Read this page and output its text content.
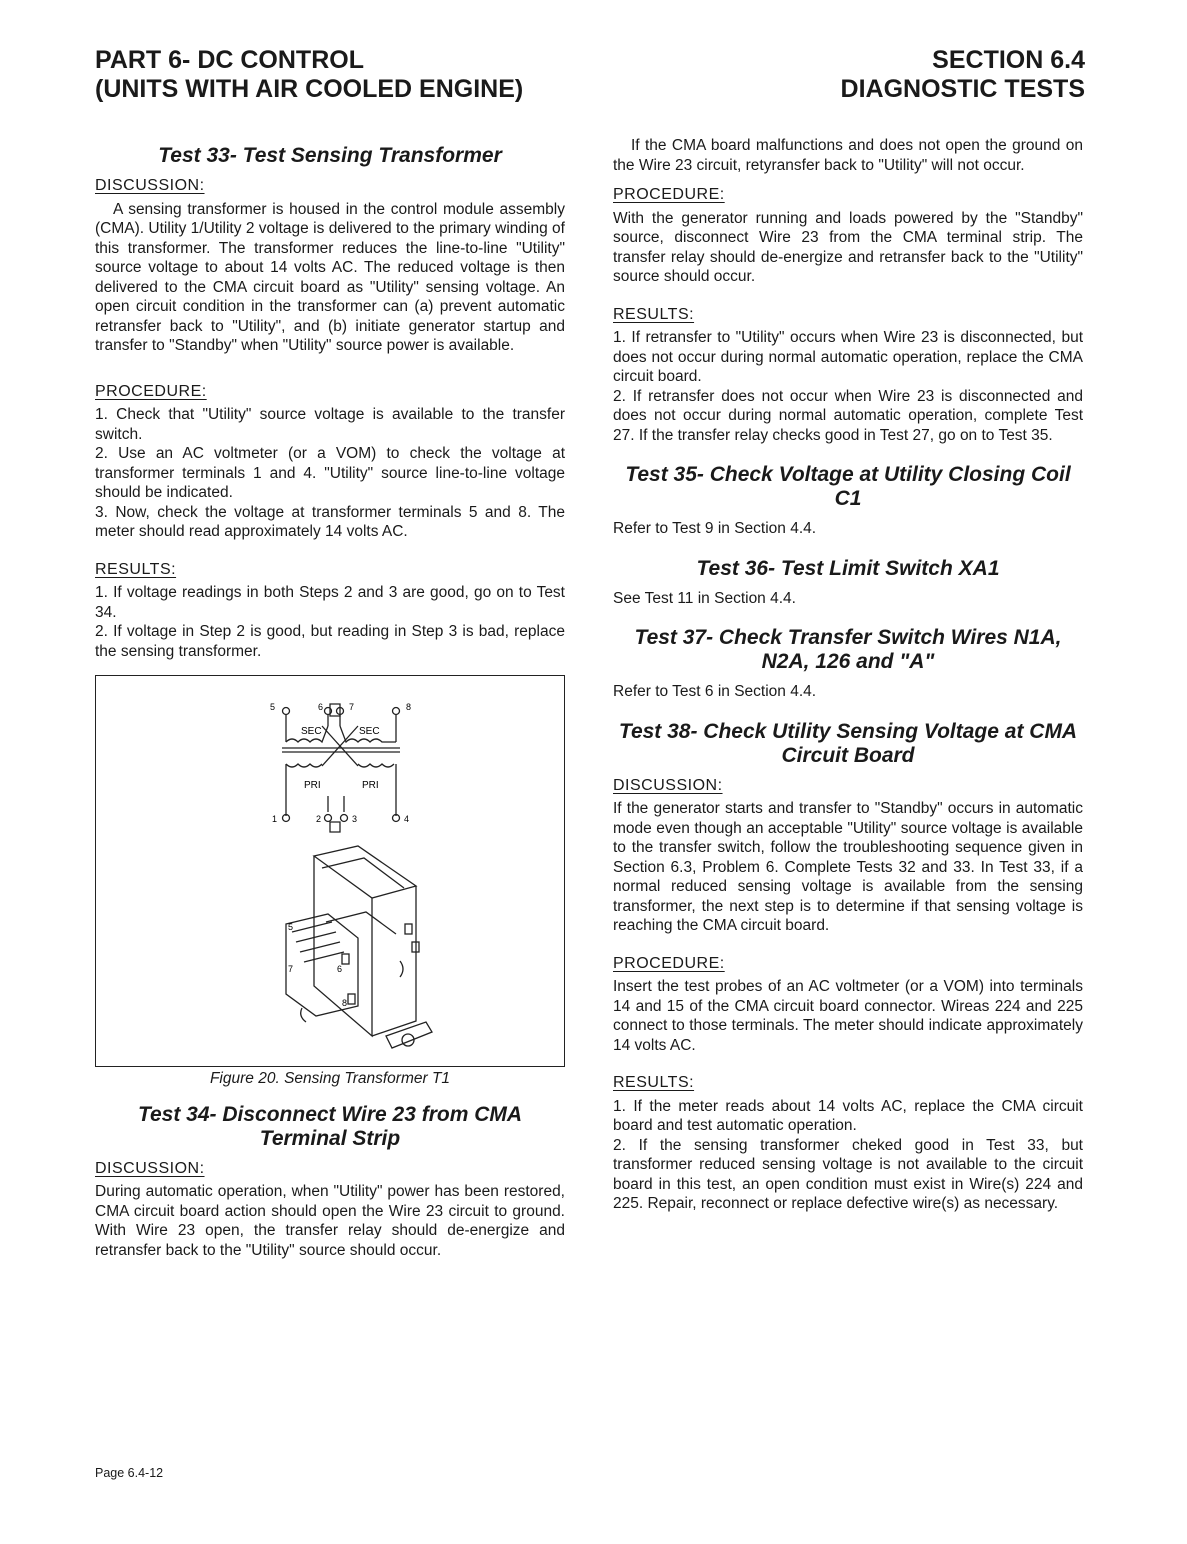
PART 6- DC CONTROL
(UNITS WITH AIR COOLED ENGINE)
SECTION 6.4
DIAGNOSTIC TESTS
Test 33- Test Sensing Transformer
DISCUSSION:

A sensing transformer is housed in the control module assembly (CMA). Utility 1/Utility 2 voltage is delivered to the primary winding of this transformer. The transformer reduces the line-to-line "Utility" source voltage to about 14 volts AC. The reduced voltage is then delivered to the CMA circuit board as "Utility" sensing voltage. An open circuit condition in the transformer can (a) prevent automatic retransfer back to "Utility", and (b) initiate generator startup and transfer to "Standby" when "Utility" source power is available.

PROCEDURE:

1. Check that "Utility" source voltage is available to the transfer switch.

2. Use an AC voltmeter (or a VOM) to check the voltage at transformer terminals 1 and 4. "Utility" source line-to-line voltage should be indicated.

3. Now, check the voltage at transformer terminals 5 and 8. The meter should read approximately 14 volts AC.

RESULTS:

1. If voltage readings in both Steps 2 and 3 are good, go on to Test 34.

2. If voltage in Step 2 is good, but reading in Step 3 is bad, replace the sensing transformer.

SEC	SEC
PRI	PRI
5	6	7	8
1	2	3	4
5
7	6
8
Figure 20. Sensing Transformer T1
Test 34- Disconnect Wire 23 from CMA Terminal Strip
DISCUSSION:

During automatic operation, when "Utility" power has been restored, CMA circuit board action should open the Wire 23 circuit to ground. With Wire 23 open, the transfer relay should de-energize and retransfer back to the "Utility" source should occur.

If the CMA board malfunctions and does not open the ground on the Wire 23 circuit, retyransfer back to "Utility" will not occur.

PROCEDURE:

With the generator running and loads powered by the "Standby" source, disconnect Wire 23 from the CMA terminal strip. The transfer relay should de-energize and retransfer back to the "Utility" source should occur.

RESULTS:

1. If retransfer to "Utility" occurs when Wire 23 is disconnected, but does not occur during normal automatic operation, replace the CMA circuit board.

2. If retransfer does not occur when Wire 23 is disconnected and does not occur during normal automatic operation, complete Test 27. If the transfer relay checks good in Test 27, go on to Test 35.

Test 35- Check Voltage at Utility Closing Coil C1

Refer to Test 9 in Section 4.4.

Test 36- Test Limit Switch XA1

See Test 11 in Section 4.4.

Test 37- Check Transfer Switch Wires N1A, N2A, 126 and "A"

Refer to Test 6 in Section 4.4.

Test 38- Check Utility Sensing Voltage at CMA Circuit Board
DISCUSSION:

If the generator starts and transfer to "Standby" occurs in automatic mode even though an acceptable "Utility" source voltage is available to the transfer switch, follow the troubleshooting sequence given in Section 6.3, Problem 6. Complete Tests 32 and 33. In Test 33, if a normal reduced sensing voltage is available from the sensing transformer, the next step is to determine if that sensing voltage is reaching the CMA circuit board.

PROCEDURE:

Insert the test probes of an AC voltmeter (or a VOM) into terminals 14 and 15 of the CMA circuit board connector. Wireas 224 and 225 connect to those terminals. The meter should indicate approximately 14 volts AC.

RESULTS:

1. If the meter reads about 14 volts AC, replace the CMA circuit board and test automatic operation.

2. If the sensing transformer cheked good in Test 33, but transformer reduced sensing voltage is not available to the circuit board in this test, an open condition must exist in Wire(s) 224 and 225. Repair, reconnect or replace defective wire(s) as necessary.

Page 6.4-12
